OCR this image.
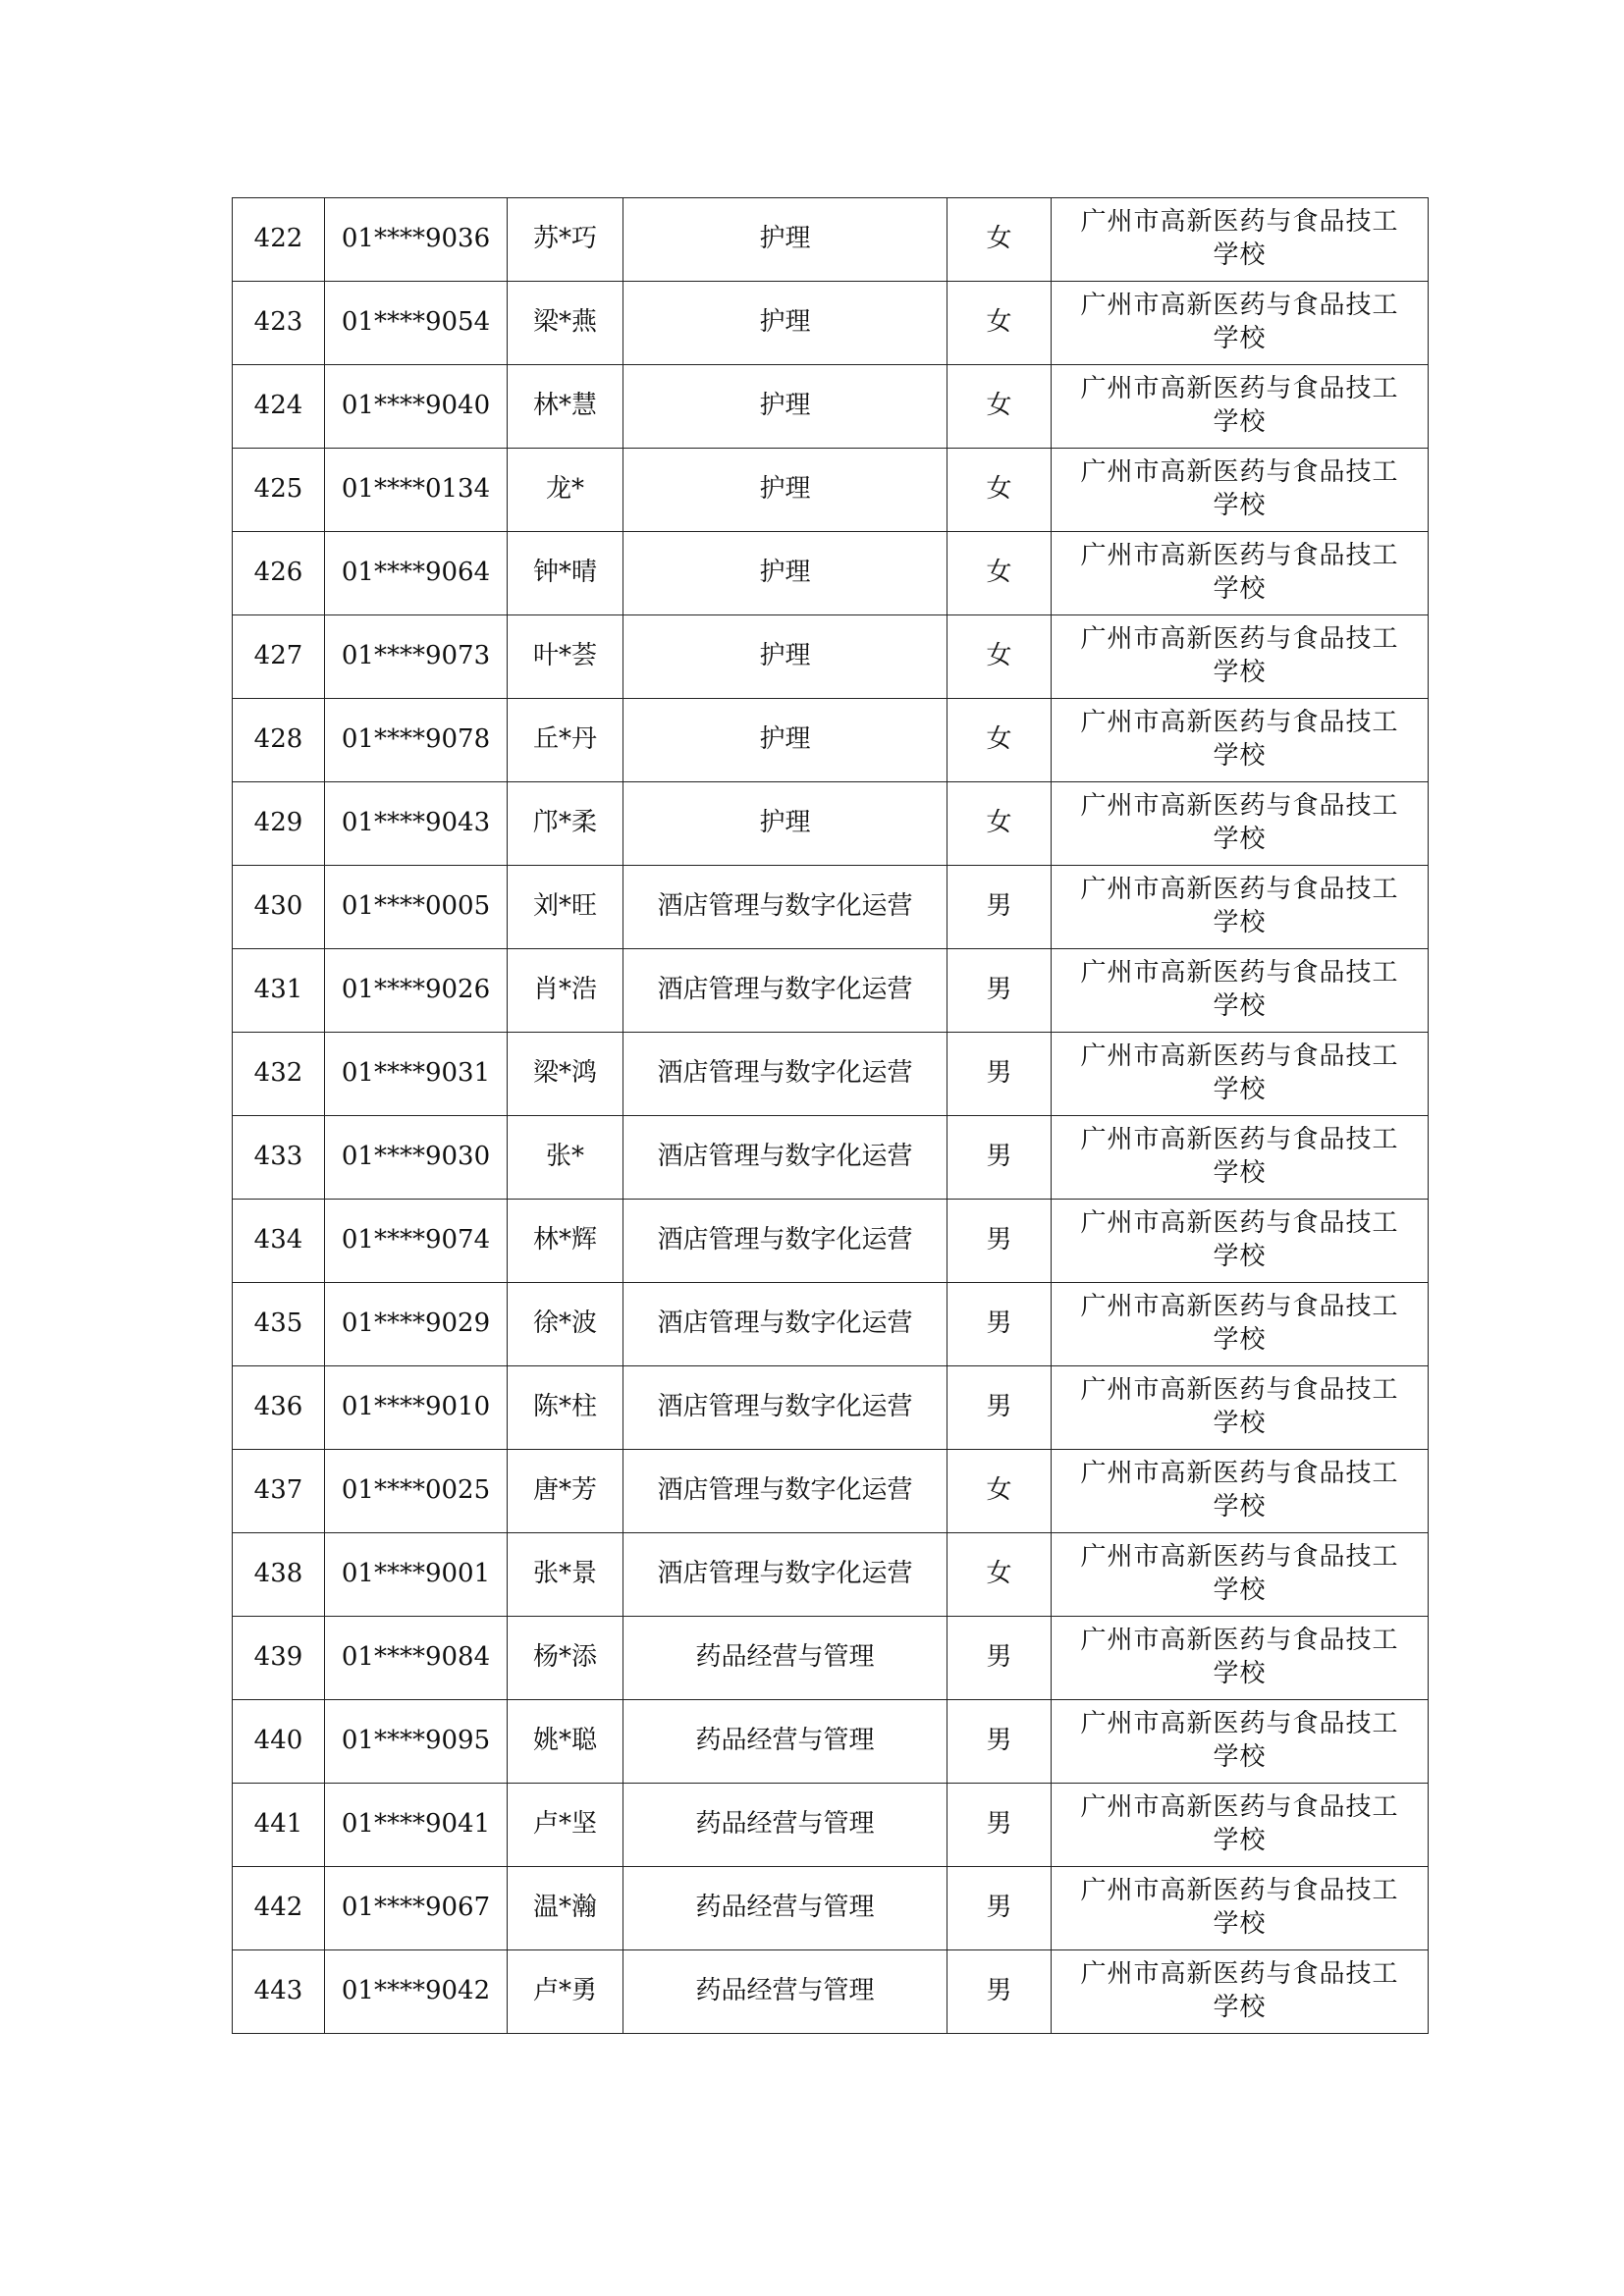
422	01****9036	苏*巧	护理	女	广州市高新医药与食品技工学校

423	01****9054	梁*燕	护理	女	广州市高新医药与食品技工学校

424	01****9040	林*慧	护理	女	广州市高新医药与食品技工学校

425	01****0134	龙*	护理	女	广州市高新医药与食品技工学校

426	01****9064	钟*晴	护理	女	广州市高新医药与食品技工学校

427	01****9073	叶*荟	护理	女	广州市高新医药与食品技工学校

428	01****9078	丘*丹	护理	女	广州市高新医药与食品技工学校

429	01****9043	邝*柔	护理	女	广州市高新医药与食品技工学校

430	01****0005	刘*旺	酒店管理与数字化运营	男	广州市高新医药与食品技工学校

431	01****9026	肖*浩	酒店管理与数字化运营	男	广州市高新医药与食品技工学校

432	01****9031	梁*鸿	酒店管理与数字化运营	男	广州市高新医药与食品技工学校

433	01****9030	张*	酒店管理与数字化运营	男	广州市高新医药与食品技工学校

434	01****9074	林*辉	酒店管理与数字化运营	男	广州市高新医药与食品技工学校

435	01****9029	徐*波	酒店管理与数字化运营	男	广州市高新医药与食品技工学校

436	01****9010	陈*柱	酒店管理与数字化运营	男	广州市高新医药与食品技工学校

437	01****0025	唐*芳	酒店管理与数字化运营	女	广州市高新医药与食品技工学校

438	01****9001	张*景	酒店管理与数字化运营	女	广州市高新医药与食品技工学校

439	01****9084	杨*添	药品经营与管理	男	广州市高新医药与食品技工学校

440	01****9095	姚*聪	药品经营与管理	男	广州市高新医药与食品技工学校

441	01****9041	卢*坚	药品经营与管理	男	广州市高新医药与食品技工学校

442	01****9067	温*瀚	药品经营与管理	男	广州市高新医药与食品技工学校

443	01****9042	卢*勇	药品经营与管理	男	广州市高新医药与食品技工学校
